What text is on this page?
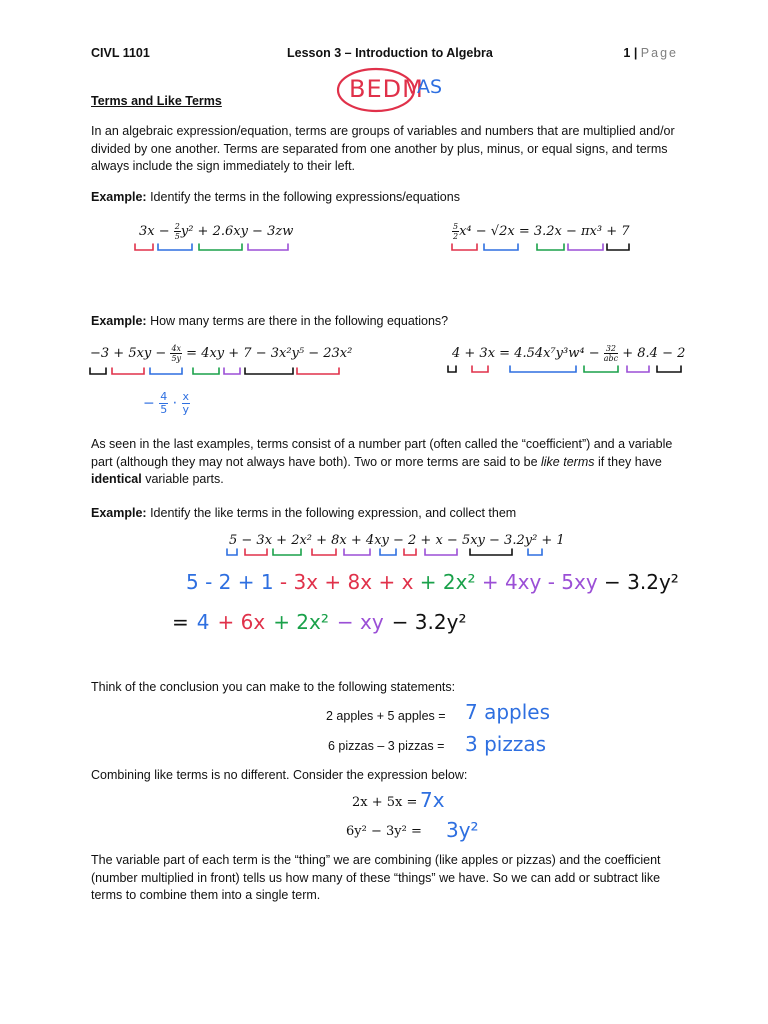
CIVL 1101	Lesson 3 – Introduction to Algebra	1 | Page
BEDM
AS
Terms and Like Terms
In an algebraic expression/equation, terms are groups of variables and numbers that are multiplied and/or divided by one another. Terms are separated from one another by plus, minus, or equal signs, and terms always include the sign immediately to their left.
Example: Identify the terms in the following expressions/equations
$3x - \frac{2}{5} y^2 + 2.6xy - 3zw$	$\frac{5}{2} x^4 - √2x = 3.2x - \pi x^3 + 7$
Example: How many terms are there in the following equations?
$-3 + 5xy - \frac{4x}{5y} = 4xy + 7 - 3x^2y^5 - 23x^2$	$4 + 3x = 4.54x^7y^3w^4 - \frac{32}{\text{abc}} + 8.4 - 2$
− $\frac{4}{5} \cdot \frac{x}{y}$
As seen in the last examples, terms consist of a number part (often called the “coefficient”) and a variable part (although they may not always have both). Two or more terms are said to be like terms if they have identical variable parts.
Example: Identify the like terms in the following expression, and collect them
5 − 3x + 2x² + 8x + 4xy − 2 + x − 5xy − 3.2y² + 1
5 - 2 + 1 - 3x + 8x + x + 2x² + 4xy - 5xy − 3.2y²
= 4 + 6x + 2x² − xy − 3.2y²
Think of the conclusion you can make to the following statements:
2 apples + 5 apples = 7 apples
6 pizzas – 3 pizzas =	3 pizzas
Combining like terms is no different. Consider the expression below:
2x + 5x = 7x
6y² − 3y² = 3y²
The variable part of each term is the “thing” we are combining (like apples or pizzas) and the coefficient (number multiplied in front) tells us how many of these “things” we have. So we can add or subtract like terms to combine them into a single term.
